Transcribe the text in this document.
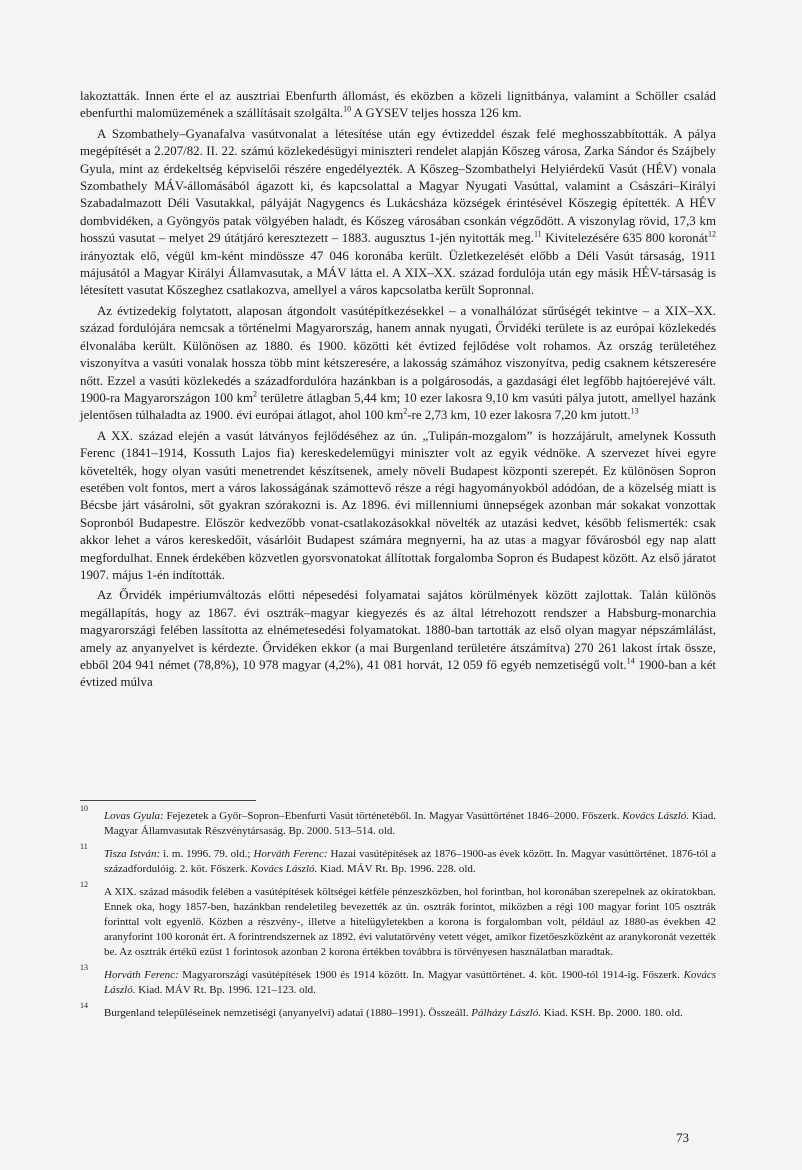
lakoztatták. Innen érte el az ausztriai Ebenfurth állomást, és eközben a közeli lignitbánya, valamint a Schöller család ebenfurthi malomüzemének a szállításait szolgálta.$^{10}$ A GYSEV teljes hossza 126 km.

A Szombathely–Gyanafalva vasútvonalat a létesítése után egy évtizeddel észak felé meghosszabbították. A pálya megépítését a 2.207/82. II. 22. számú közlekedésügyi miniszteri rendelet alapján Kőszeg városa, Zarka Sándor és Szájbely Gyula, mint az érdekeltség képviselői részére engedélyezték. A Kőszeg–Szombathelyi Helyiérdekű Vasút (HÉV) vonala Szombathely MÁV-állomásából ágazott ki, és kapcsolattal a Magyar Nyugati Vasúttal, valamint a Császári–Királyi Szabadalmazott Déli Vasutakkal, pályáját Nagygencs és Lukácsháza községek érintésével Kőszegig építették. A HÉV dombvidéken, a Gyöngyös patak völgyében haladt, és Kőszeg városában csonkán végződött. A viszonylag rövid, 17,3 km hosszú vasutat – melyet 29 útátjáró keresztezett – 1883. augusztus 1-jén nyitották meg.$^{11}$ Kivitelezésére 635 800 koronát$^{12}$ irányoztak elő, végül km-ként mindössze 47 046 koronába került. Üzletkezelését előbb a Déli Vasút társaság, 1911 májusától a Magyar Királyi Államvasutak, a MÁV látta el. A XIX–XX. század fordulója után egy másik HÉV-társaság is létesített vasutat Kőszeghez csatlakozva, amellyel a város kapcsolatba került Sopronnal.

Az évtizedekig folytatott, alaposan átgondolt vasútépítkezésekkel – a vonalhálózat sűrűségét tekintve – a XIX–XX. század fordulójára nemcsak a történelmi Magyarország, hanem annak nyugati, Őrvidéki területe is az európai közlekedés élvonalába került. Különösen az 1880. és 1900. közötti két évtized fejlődése volt rohamos. Az ország területéhez viszonyítva a vasúti vonalak hossza több mint kétszeresére, a lakosság számához viszonyítva, pedig csaknem kétszeresére nőtt. Ezzel a vasúti közlekedés a századfordulóra hazánkban is a polgárosodás, a gazdasági élet legfőbb hajtóerejévé vált. 1900-ra Magyarországon 100 $km^2$ területre átlagban 5,44 km; 10 ezer lakosra 9,10 km vasúti pálya jutott, amellyel hazánk jelentősen túlhaladta az 1900. évi európai átlagot, ahol 100 $km^2-re$ 2,73 km, 10 ezer lakosra 7,20 km jutott.$^{13}$

A XX. század elején a vasút látványos fejlődéséhez az ún. „Tulipán-mozgalom” is hozzájárult, amelynek Kossuth Ferenc (1841–1914, Kossuth Lajos fia) kereskedelemügyi miniszter volt az egyik védnöke. A szervezet hívei egyre követelték, hogy olyan vasúti menetrendet készítsenek, amely növeli Budapest központi szerepét. Ez különösen Sopron esetében volt fontos, mert a város lakosságának számottevő része a régi hagyományokból adódóan, de a közelség miatt is Bécsbe járt vásárolni, sőt gyakran szórakozni is. Az 1896. évi millenniumi ünnepségek azonban már sokakat vonzottak Sopronból Budapestre. Először kedvezőbb vonat-csatlakozásokkal növelték az utazási kedvet, később felismerték: csak akkor lehet a város kereskedőit, vásárlóit Budapest számára megnyerni, ha az utas a magyar fővárosból egy nap alatt megfordulhat. Ennek érdekében közvetlen gyorsvonatokat állítottak forgalomba Sopron és Budapest között. Az első járatot 1907. május 1-én indították.

Az Őrvidék impériumváltozás előtti népesedési folyamatai sajátos körülmények között zajlottak. Talán különös megállapítás, hogy az 1867. évi osztrák–magyar kiegyezés és az által létrehozott rendszer a Habsburg-monarchia magyarországi felében lassította az elnémetesedési folyamatokat. 1880-ban tartották az első olyan magyar népszámlálást, amely az anyanyelvet is kérdezte. Őrvidéken ekkor (a mai Burgenland területére átszámítva) 270 261 lakost írtak össze, ebből 204 941 német (78,8%), 10 978 magyar (4,2%), 41 081 horvát, 12 059 fő egyéb nemzetiségű volt.$^{14}$ 1900-ban a két évtized múlva

10
Lovas Gyula: Fejezetek a Győr–Sopron–Ebenfurti Vasút történetéből. In. Magyar Vasúttörténet 1846–2000. Főszerk. Kovács László. Kiad. Magyar Államvasutak Részvénytársaság. Bp. 2000. 513–514. old.
11
Tisza István: i. m. 1996. 79. old.; Horváth Ferenc: Hazai vasútépítések az 1876–1900-as évek között. In. Magyar vasúttörténet. 1876-tól a századfordulóig. 2. köt. Főszerk. Kovács László. Kiad. MÁV Rt. Bp. 1996. 228. old.
12
A XIX. század második felében a vasútépítések költségei kétféle pénzeszközben, hol forintban, hol koronában szerepelnek az okiratokban. Ennek oka, hogy 1857-ben, hazánkban rendeletileg bevezették az ún. osztrák forintot, miközben a régi 100 magyar forint 105 osztrák forinttal volt egyenlő. Közben a részvény-, illetve a hitelügyletekben a korona is forgalomban volt, például az 1880-as években 42 aranyforint 100 koronát ért. A forintrendszernek az 1892. évi valutatörvény vetett véget, amikor fizetőeszközként az aranykoronát vezették be. Az osztrák értékű ezüst 1 forintosok azonban 2 korona értékben továbbra is törvényesen használatban maradtak.
13
Horváth Ferenc: Magyarországi vasútépítések 1900 és 1914 között. In. Magyar vasúttörténet. 4. köt. 1900-tól 1914-ig. Főszerk. Kovács László. Kiad. MÁV Rt. Bp. 1996. 121–123. old.
14
Burgenland településeinek nemzetiségi (anyanyelvi) adatai (1880–1991). Összeáll. Pálházy László. Kiad. KSH. Bp. 2000. 180. old.
73
